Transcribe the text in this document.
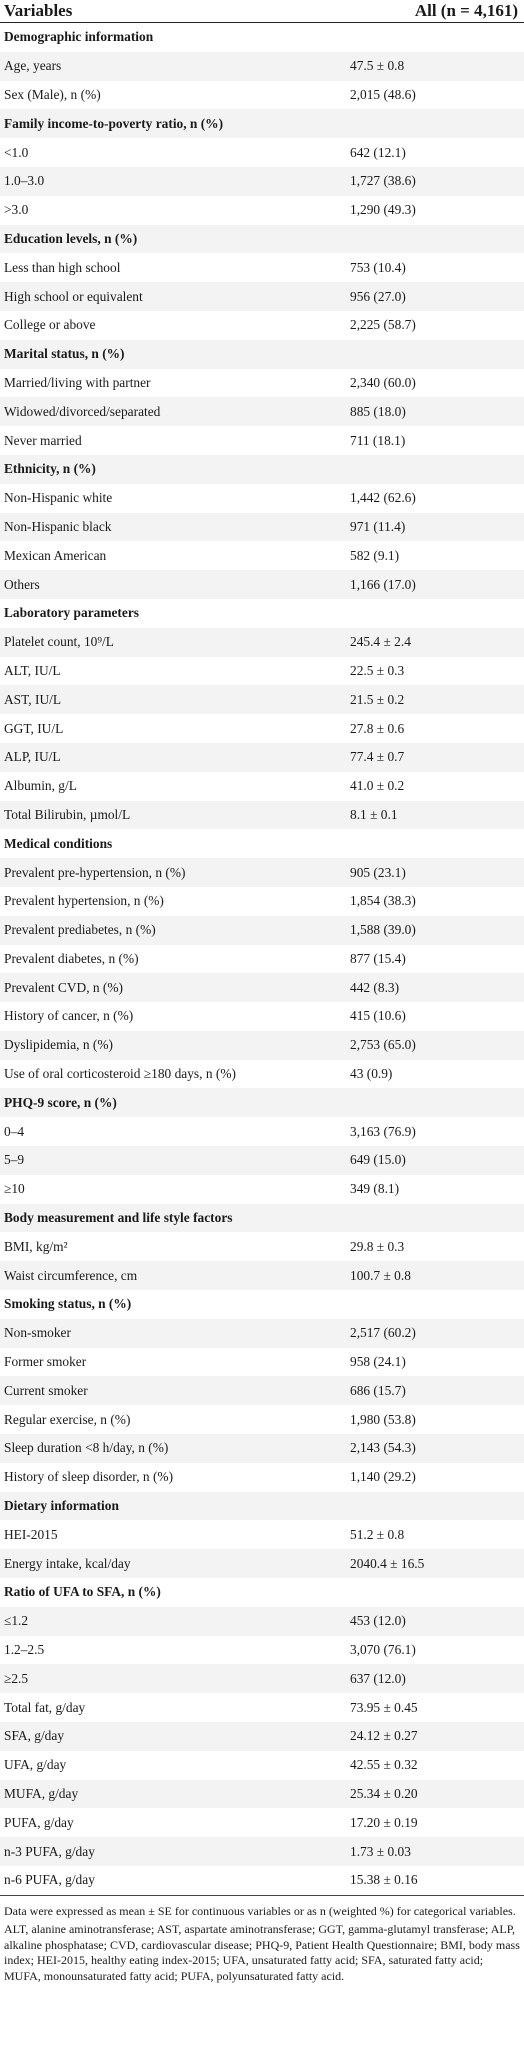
Variables	All (n = 4,161)
Demographic information
Age, years	47.5 ± 0.8
Sex (Male), n (%)	2,015 (48.6)
Family income-to-poverty ratio, n (%)
<1.0	642 (12.1)
1.0–3.0	1,727 (38.6)
>3.0	1,290 (49.3)
Education levels, n (%)
Less than high school	753 (10.4)
High school or equivalent	956 (27.0)
College or above	2,225 (58.7)
Marital status, n (%)
Married/living with partner	2,340 (60.0)
Widowed/divorced/separated	885 (18.0)
Never married	711 (18.1)
Ethnicity, n (%)
Non-Hispanic white	1,442 (62.6)
Non-Hispanic black	971 (11.4)
Mexican American	582 (9.1)
Others	1,166 (17.0)
Laboratory parameters
Platelet count, 10⁹/L	245.4 ± 2.4
ALT, IU/L	22.5 ± 0.3
AST, IU/L	21.5 ± 0.2
GGT, IU/L	27.8 ± 0.6
ALP, IU/L	77.4 ± 0.7
Albumin, g/L	41.0 ± 0.2
Total Bilirubin, µmol/L	8.1 ± 0.1
Medical conditions
Prevalent pre-hypertension, n (%)	905 (23.1)
Prevalent hypertension, n (%)	1,854 (38.3)
Prevalent prediabetes, n (%)	1,588 (39.0)
Prevalent diabetes, n (%)	877 (15.4)
Prevalent CVD, n (%)	442 (8.3)
History of cancer, n (%)	415 (10.6)
Dyslipidemia, n (%)	2,753 (65.0)
Use of oral corticosteroid ≥180 days, n (%)	43 (0.9)
PHQ-9 score, n (%)
0–4	3,163 (76.9)
5–9	649 (15.0)
≥10	349 (8.1)
Body measurement and life style factors
BMI, kg/m²	29.8 ± 0.3
Waist circumference, cm	100.7 ± 0.8
Smoking status, n (%)
Non-smoker	2,517 (60.2)
Former smoker	958 (24.1)
Current smoker	686 (15.7)
Regular exercise, n (%)	1,980 (53.8)
Sleep duration <8 h/day, n (%)	2,143 (54.3)
History of sleep disorder, n (%)	1,140 (29.2)
Dietary information
HEI-2015	51.2 ± 0.8
Energy intake, kcal/day	2040.4 ± 16.5
Ratio of UFA to SFA, n (%)
≤1.2	453 (12.0)
1.2–2.5	3,070 (76.1)
≥2.5	637 (12.0)
Total fat, g/day	73.95 ± 0.45
SFA, g/day	24.12 ± 0.27
UFA, g/day	42.55 ± 0.32
MUFA, g/day	25.34 ± 0.20
PUFA, g/day	17.20 ± 0.19
n-3 PUFA, g/day	1.73 ± 0.03
n-6 PUFA, g/day	15.38 ± 0.16

Data were expressed as mean ± SE for continuous variables or as n (weighted %) for categorical variables.

ALT, alanine aminotransferase; AST, aspartate aminotransferase; GGT, gamma-glutamyl transferase; ALP, alkaline phosphatase; CVD, cardiovascular disease; PHQ-9, Patient Health Questionnaire; BMI, body mass index; HEI-2015, healthy eating index-2015; UFA, unsaturated fatty acid; SFA, saturated fatty acid; MUFA, monounsaturated fatty acid; PUFA, polyunsaturated fatty acid.
